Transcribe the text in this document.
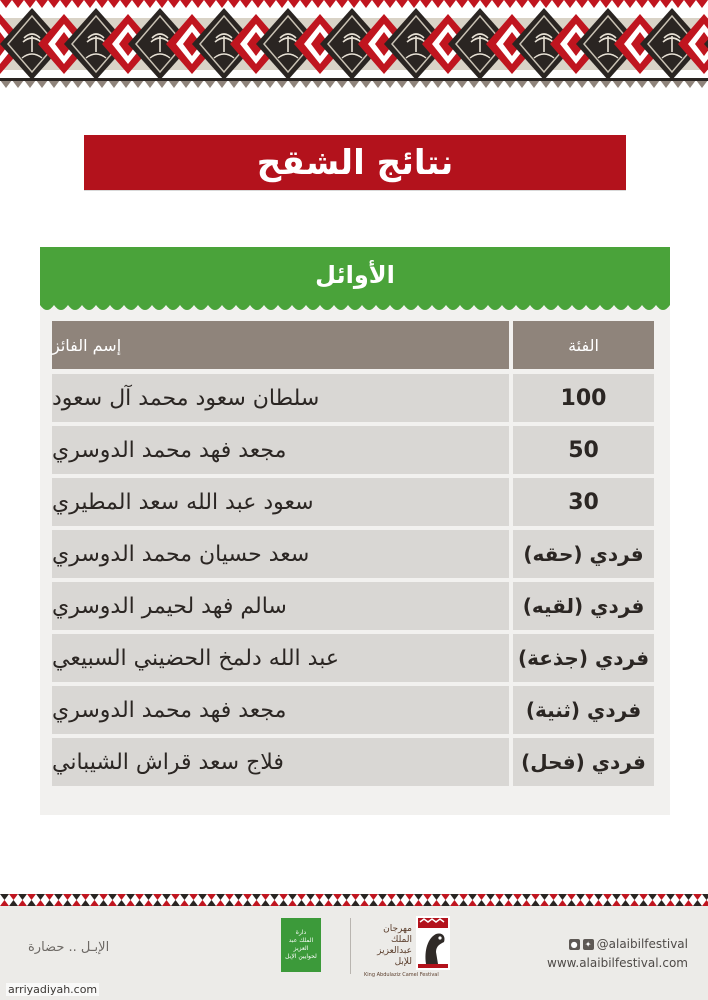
نتائج الشقح
الأوائل
إسم الفائز	الفئة
سلطان سعود محمد آل سعود	100
مجعد فهد محمد الدوسري	50
سعود عبد الله سعد المطيري	30
سعد حسيان محمد الدوسري	فردي (حقه)
سالم فهد لحيمر الدوسري	فردي (لقيه)
عبد الله دلمخ الحضيني السبيعي	فردي (جذعة)
مجعد فهد محمد الدوسري	فردي (ثنية)
فلاج سعد قراش الشيباني	فردي (فحل)
الإبـل .. حضارة
دارة
الملك عبد العزيز
لحوايين الإبل
مهرجان
الملك
عبدالعزيز
للإبل
King Abdulaziz Camel Festival
● ✦ @alaibilfestival
www.alaibilfestival.com
arriyadiyah.com
